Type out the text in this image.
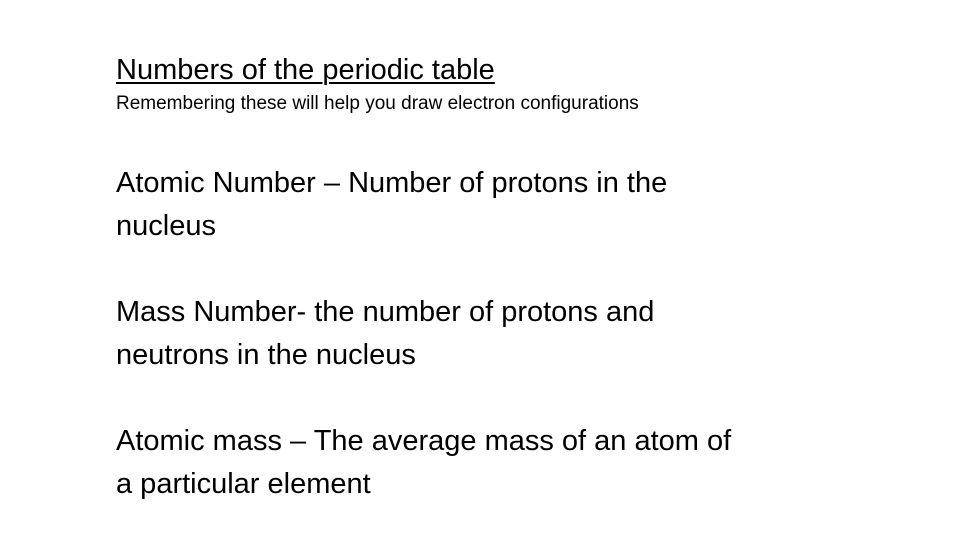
Numbers of the periodic table
Remembering these will help you draw electron configurations

Atomic Number – Number of protons in the
nucleus

Mass Number- the number of protons and
neutrons in the nucleus

Atomic mass – The average mass of an atom of
a particular element
